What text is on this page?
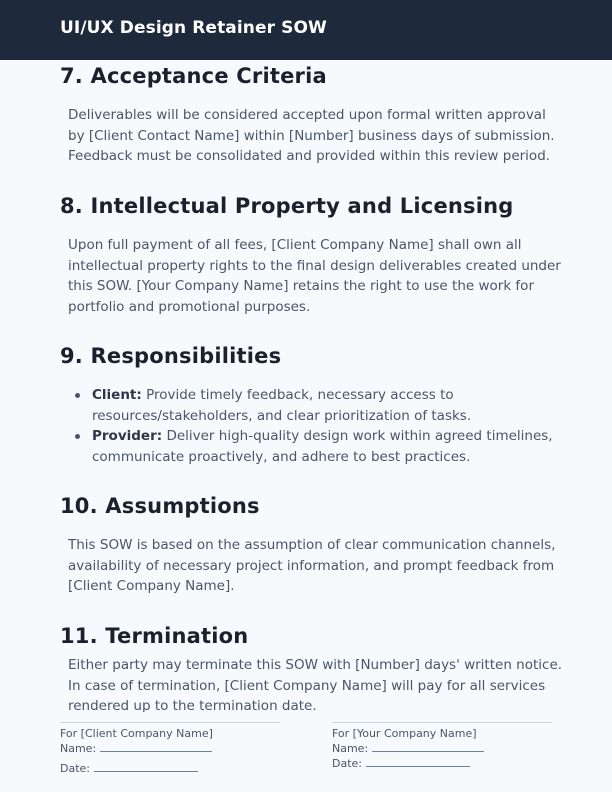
UI/UX Design Retainer SOW
7. Acceptance Criteria

Deliverables will be considered accepted upon formal written approval
by [Client Contact Name] within [Number] business days of submission.
Feedback must be consolidated and provided within this review period.

8. Intellectual Property and Licensing

Upon full payment of all fees, [Client Company Name] shall own all
intellectual property rights to the final design deliverables created under
this SOW. [Your Company Name] retains the right to use the work for
portfolio and promotional purposes.

9. Responsibilities
Client: Provide timely feedback, necessary access to
resources/stakeholders, and clear prioritization of tasks.
Provider: Deliver high-quality design work within agreed timelines,
communicate proactively, and adhere to best practices.
10. Assumptions

This SOW is based on the assumption of clear communication channels,
availability of necessary project information, and prompt feedback from
[Client Company Name].

11. Termination

Either party may terminate this SOW with [Number] days' written notice.
In case of termination, [Client Company Name] will pay for all services
rendered up to the termination date.

For [Client Company Name]
Name:
Date:
For [Your Company Name]
Name:
Date:
